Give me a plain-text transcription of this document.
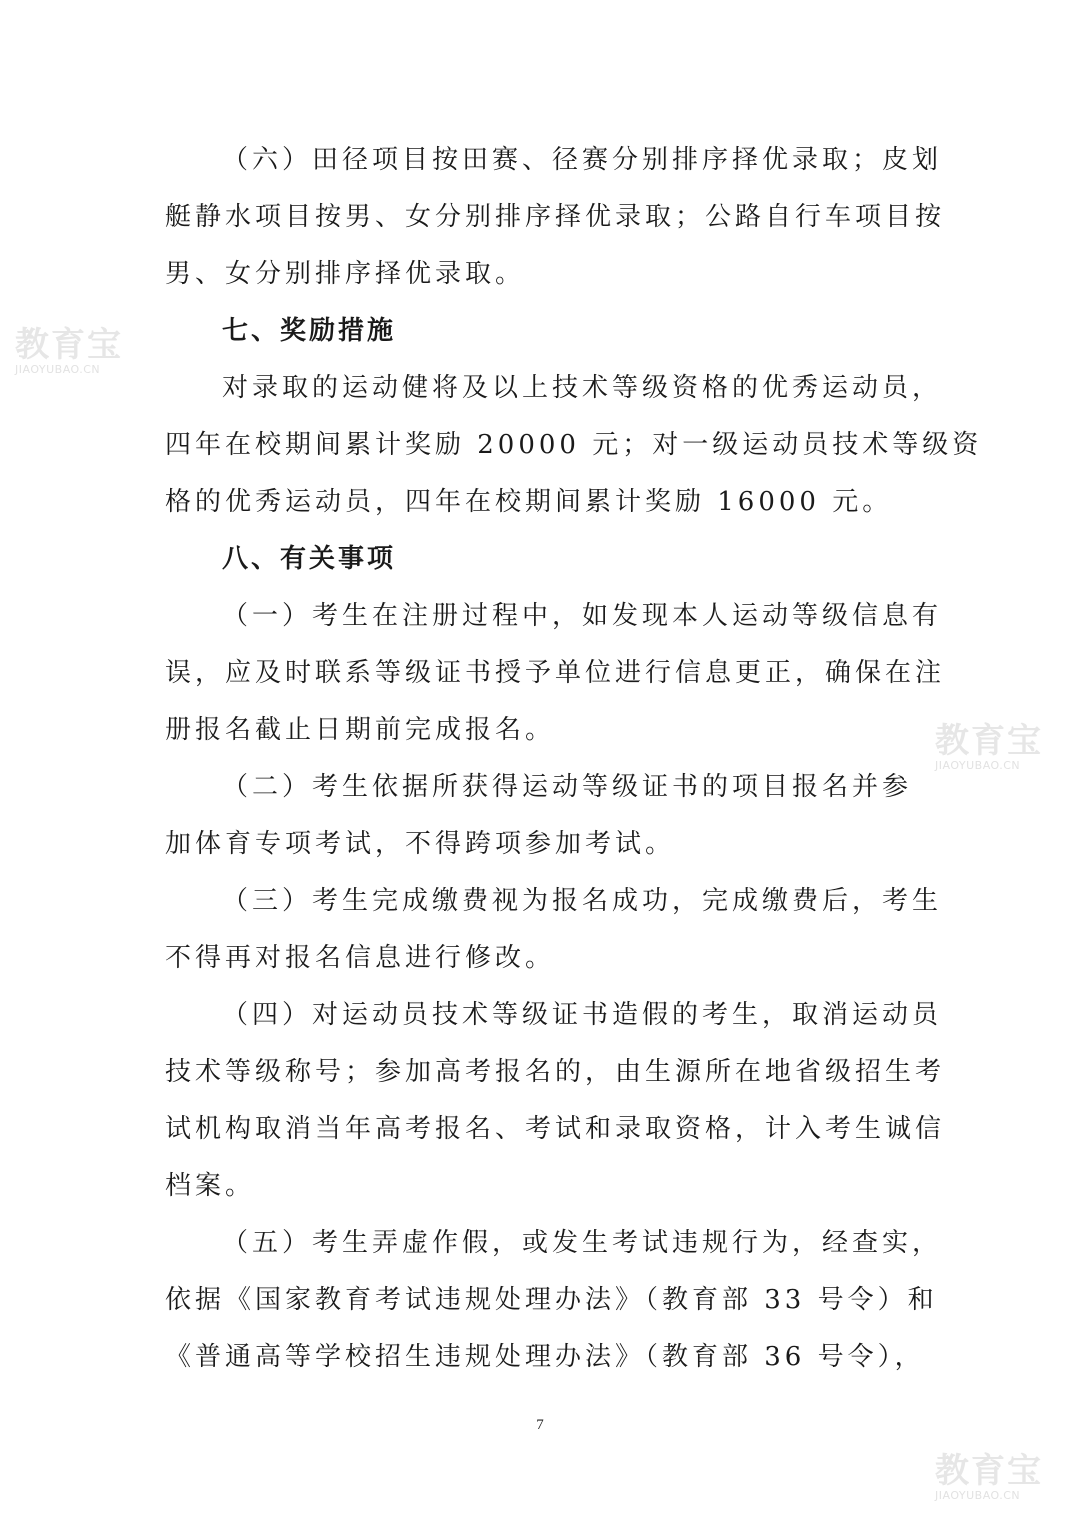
（六）田径项目按田赛、径赛分别排序择优录取；皮划
艇静水项目按男、女分别排序择优录取；公路自行车项目按
男、女分别排序择优录取。
七、奖励措施
对录取的运动健将及以上技术等级资格的优秀运动员，
四年在校期间累计奖励 20000 元；对一级运动员技术等级资
格的优秀运动员，四年在校期间累计奖励 16000 元。
八、有关事项
（一）考生在注册过程中，如发现本人运动等级信息有
误，应及时联系等级证书授予单位进行信息更正，确保在注
册报名截止日期前完成报名。
（二）考生依据所获得运动等级证书的项目报名并参
加体育专项考试，不得跨项参加考试。
（三）考生完成缴费视为报名成功，完成缴费后，考生
不得再对报名信息进行修改。
（四）对运动员技术等级证书造假的考生，取消运动员
技术等级称号；参加高考报名的，由生源所在地省级招生考
试机构取消当年高考报名、考试和录取资格，计入考生诚信
档案。
（五）考生弄虚作假，或发生考试违规行为，经查实，
依据《国家教育考试违规处理办法》（教育部 33 号令）和
《普通高等学校招生违规处理办法》（教育部 36 号令），
7
教育宝
JIAOYUBAO.CN
教育宝
JIAOYUBAO.CN
教育宝
JIAOYUBAO.CN
